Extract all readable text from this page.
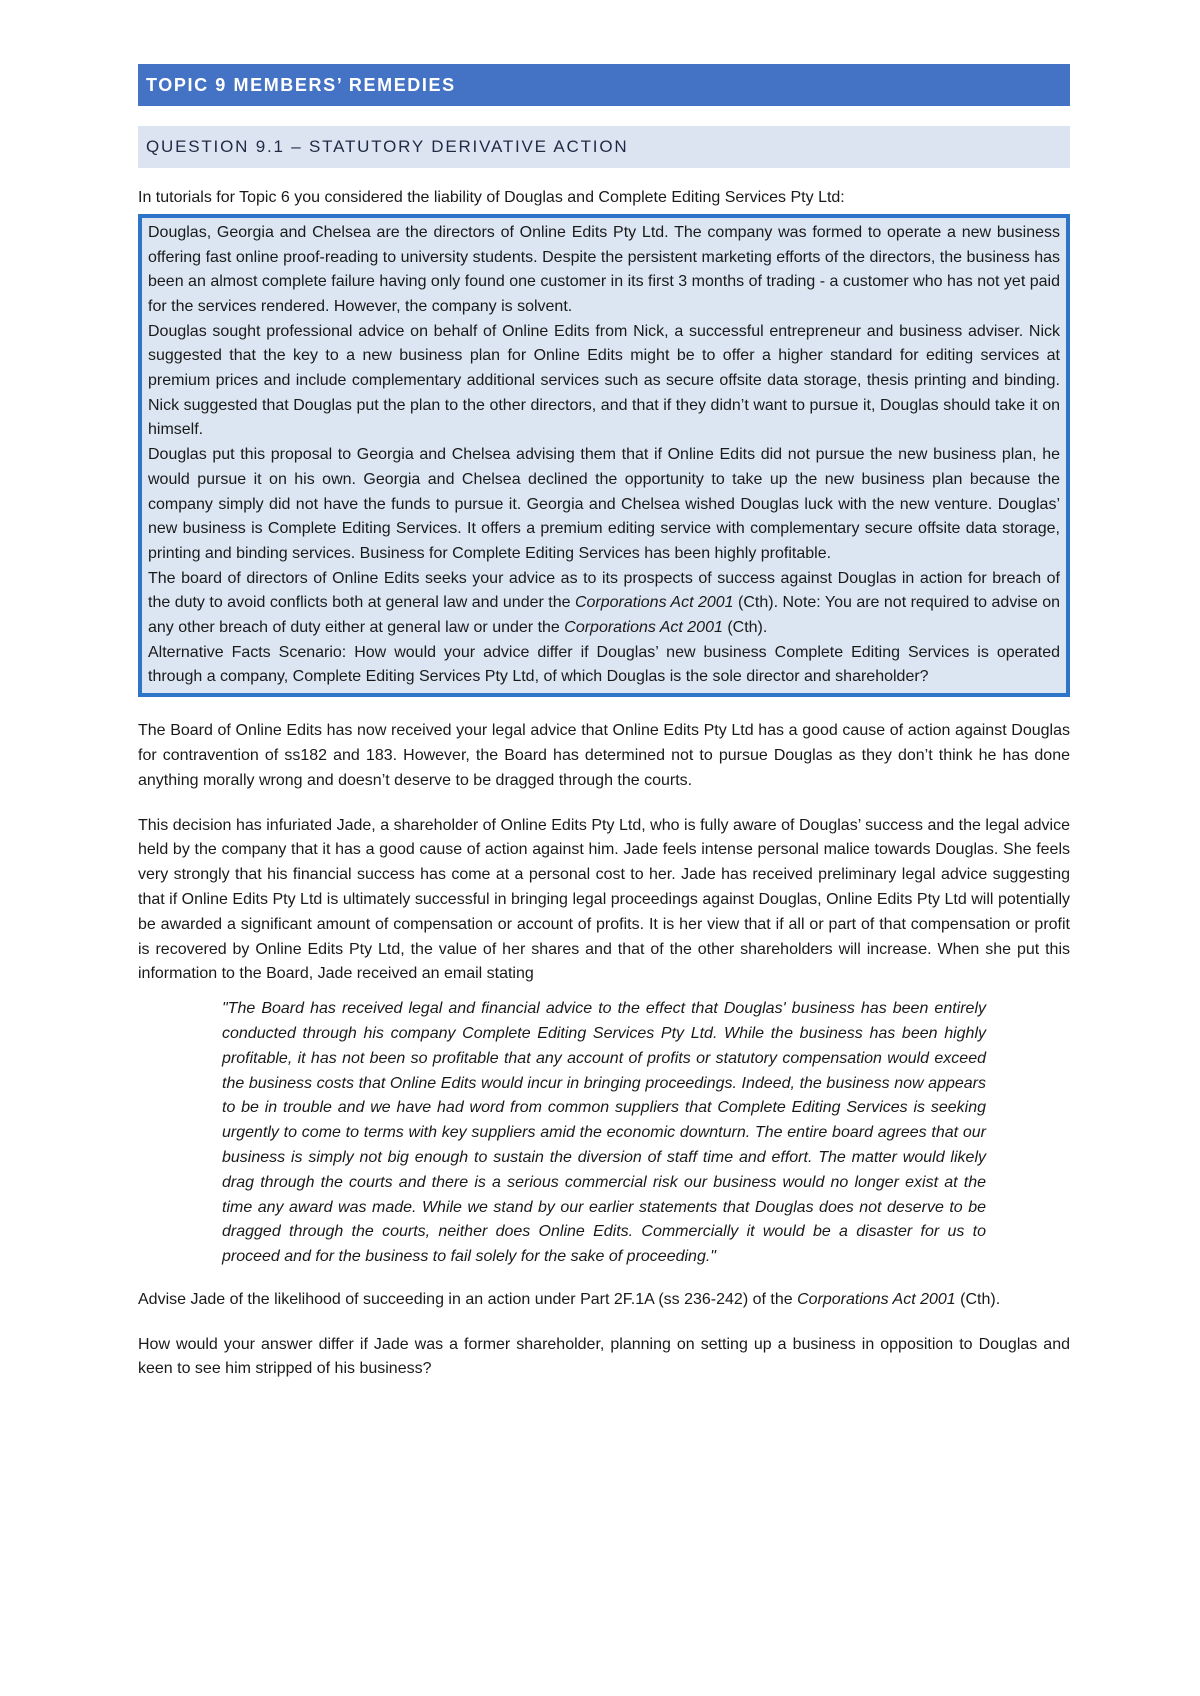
TOPIC 9 MEMBERS’ REMEDIES
QUESTION 9.1 – STATUTORY DERIVATIVE ACTION

In tutorials for Topic 6 you considered the liability of Douglas and Complete Editing Services Pty Ltd:

Douglas, Georgia and Chelsea are the directors of Online Edits Pty Ltd. The company was formed to operate a new business offering fast online proof-reading to university students. Despite the persistent marketing efforts of the directors, the business has been an almost complete failure having only found one customer in its first 3 months of trading - a customer who has not yet paid for the services rendered. However, the company is solvent.

Douglas sought professional advice on behalf of Online Edits from Nick, a successful entrepreneur and business adviser. Nick suggested that the key to a new business plan for Online Edits might be to offer a higher standard for editing services at premium prices and include complementary additional services such as secure offsite data storage, thesis printing and binding. Nick suggested that Douglas put the plan to the other directors, and that if they didn’t want to pursue it, Douglas should take it on himself.

Douglas put this proposal to Georgia and Chelsea advising them that if Online Edits did not pursue the new business plan, he would pursue it on his own. Georgia and Chelsea declined the opportunity to take up the new business plan because the company simply did not have the funds to pursue it. Georgia and Chelsea wished Douglas luck with the new venture. Douglas’ new business is Complete Editing Services. It offers a premium editing service with complementary secure offsite data storage, printing and binding services. Business for Complete Editing Services has been highly profitable.

The board of directors of Online Edits seeks your advice as to its prospects of success against Douglas in action for breach of the duty to avoid conflicts both at general law and under the Corporations Act 2001 (Cth). Note: You are not required to advise on any other breach of duty either at general law or under the Corporations Act 2001 (Cth).

Alternative Facts Scenario: How would your advice differ if Douglas’ new business Complete Editing Services is operated through a company, Complete Editing Services Pty Ltd, of which Douglas is the sole director and shareholder?

The Board of Online Edits has now received your legal advice that Online Edits Pty Ltd has a good cause of action against Douglas for contravention of ss182 and 183. However, the Board has determined not to pursue Douglas as they don’t think he has done anything morally wrong and doesn’t deserve to be dragged through the courts.

This decision has infuriated Jade, a shareholder of Online Edits Pty Ltd, who is fully aware of Douglas’ success and the legal advice held by the company that it has a good cause of action against him. Jade feels intense personal malice towards Douglas. She feels very strongly that his financial success has come at a personal cost to her. Jade has received preliminary legal advice suggesting that if Online Edits Pty Ltd is ultimately successful in bringing legal proceedings against Douglas, Online Edits Pty Ltd will potentially be awarded a significant amount of compensation or account of profits. It is her view that if all or part of that compensation or profit is recovered by Online Edits Pty Ltd, the value of her shares and that of the other shareholders will increase. When she put this information to the Board, Jade received an email stating

"The Board has received legal and financial advice to the effect that Douglas' business has been entirely conducted through his company Complete Editing Services Pty Ltd. While the business has been highly profitable, it has not been so profitable that any account of profits or statutory compensation would exceed the business costs that Online Edits would incur in bringing proceedings. Indeed, the business now appears to be in trouble and we have had word from common suppliers that Complete Editing Services is seeking urgently to come to terms with key suppliers amid the economic downturn. The entire board agrees that our business is simply not big enough to sustain the diversion of staff time and effort. The matter would likely drag through the courts and there is a serious commercial risk our business would no longer exist at the time any award was made. While we stand by our earlier statements that Douglas does not deserve to be dragged through the courts, neither does Online Edits. Commercially it would be a disaster for us to proceed and for the business to fail solely for the sake of proceeding."

Advise Jade of the likelihood of succeeding in an action under Part 2F.1A (ss 236-242) of the Corporations Act 2001 (Cth).

How would your answer differ if Jade was a former shareholder, planning on setting up a business in opposition to Douglas and keen to see him stripped of his business?
